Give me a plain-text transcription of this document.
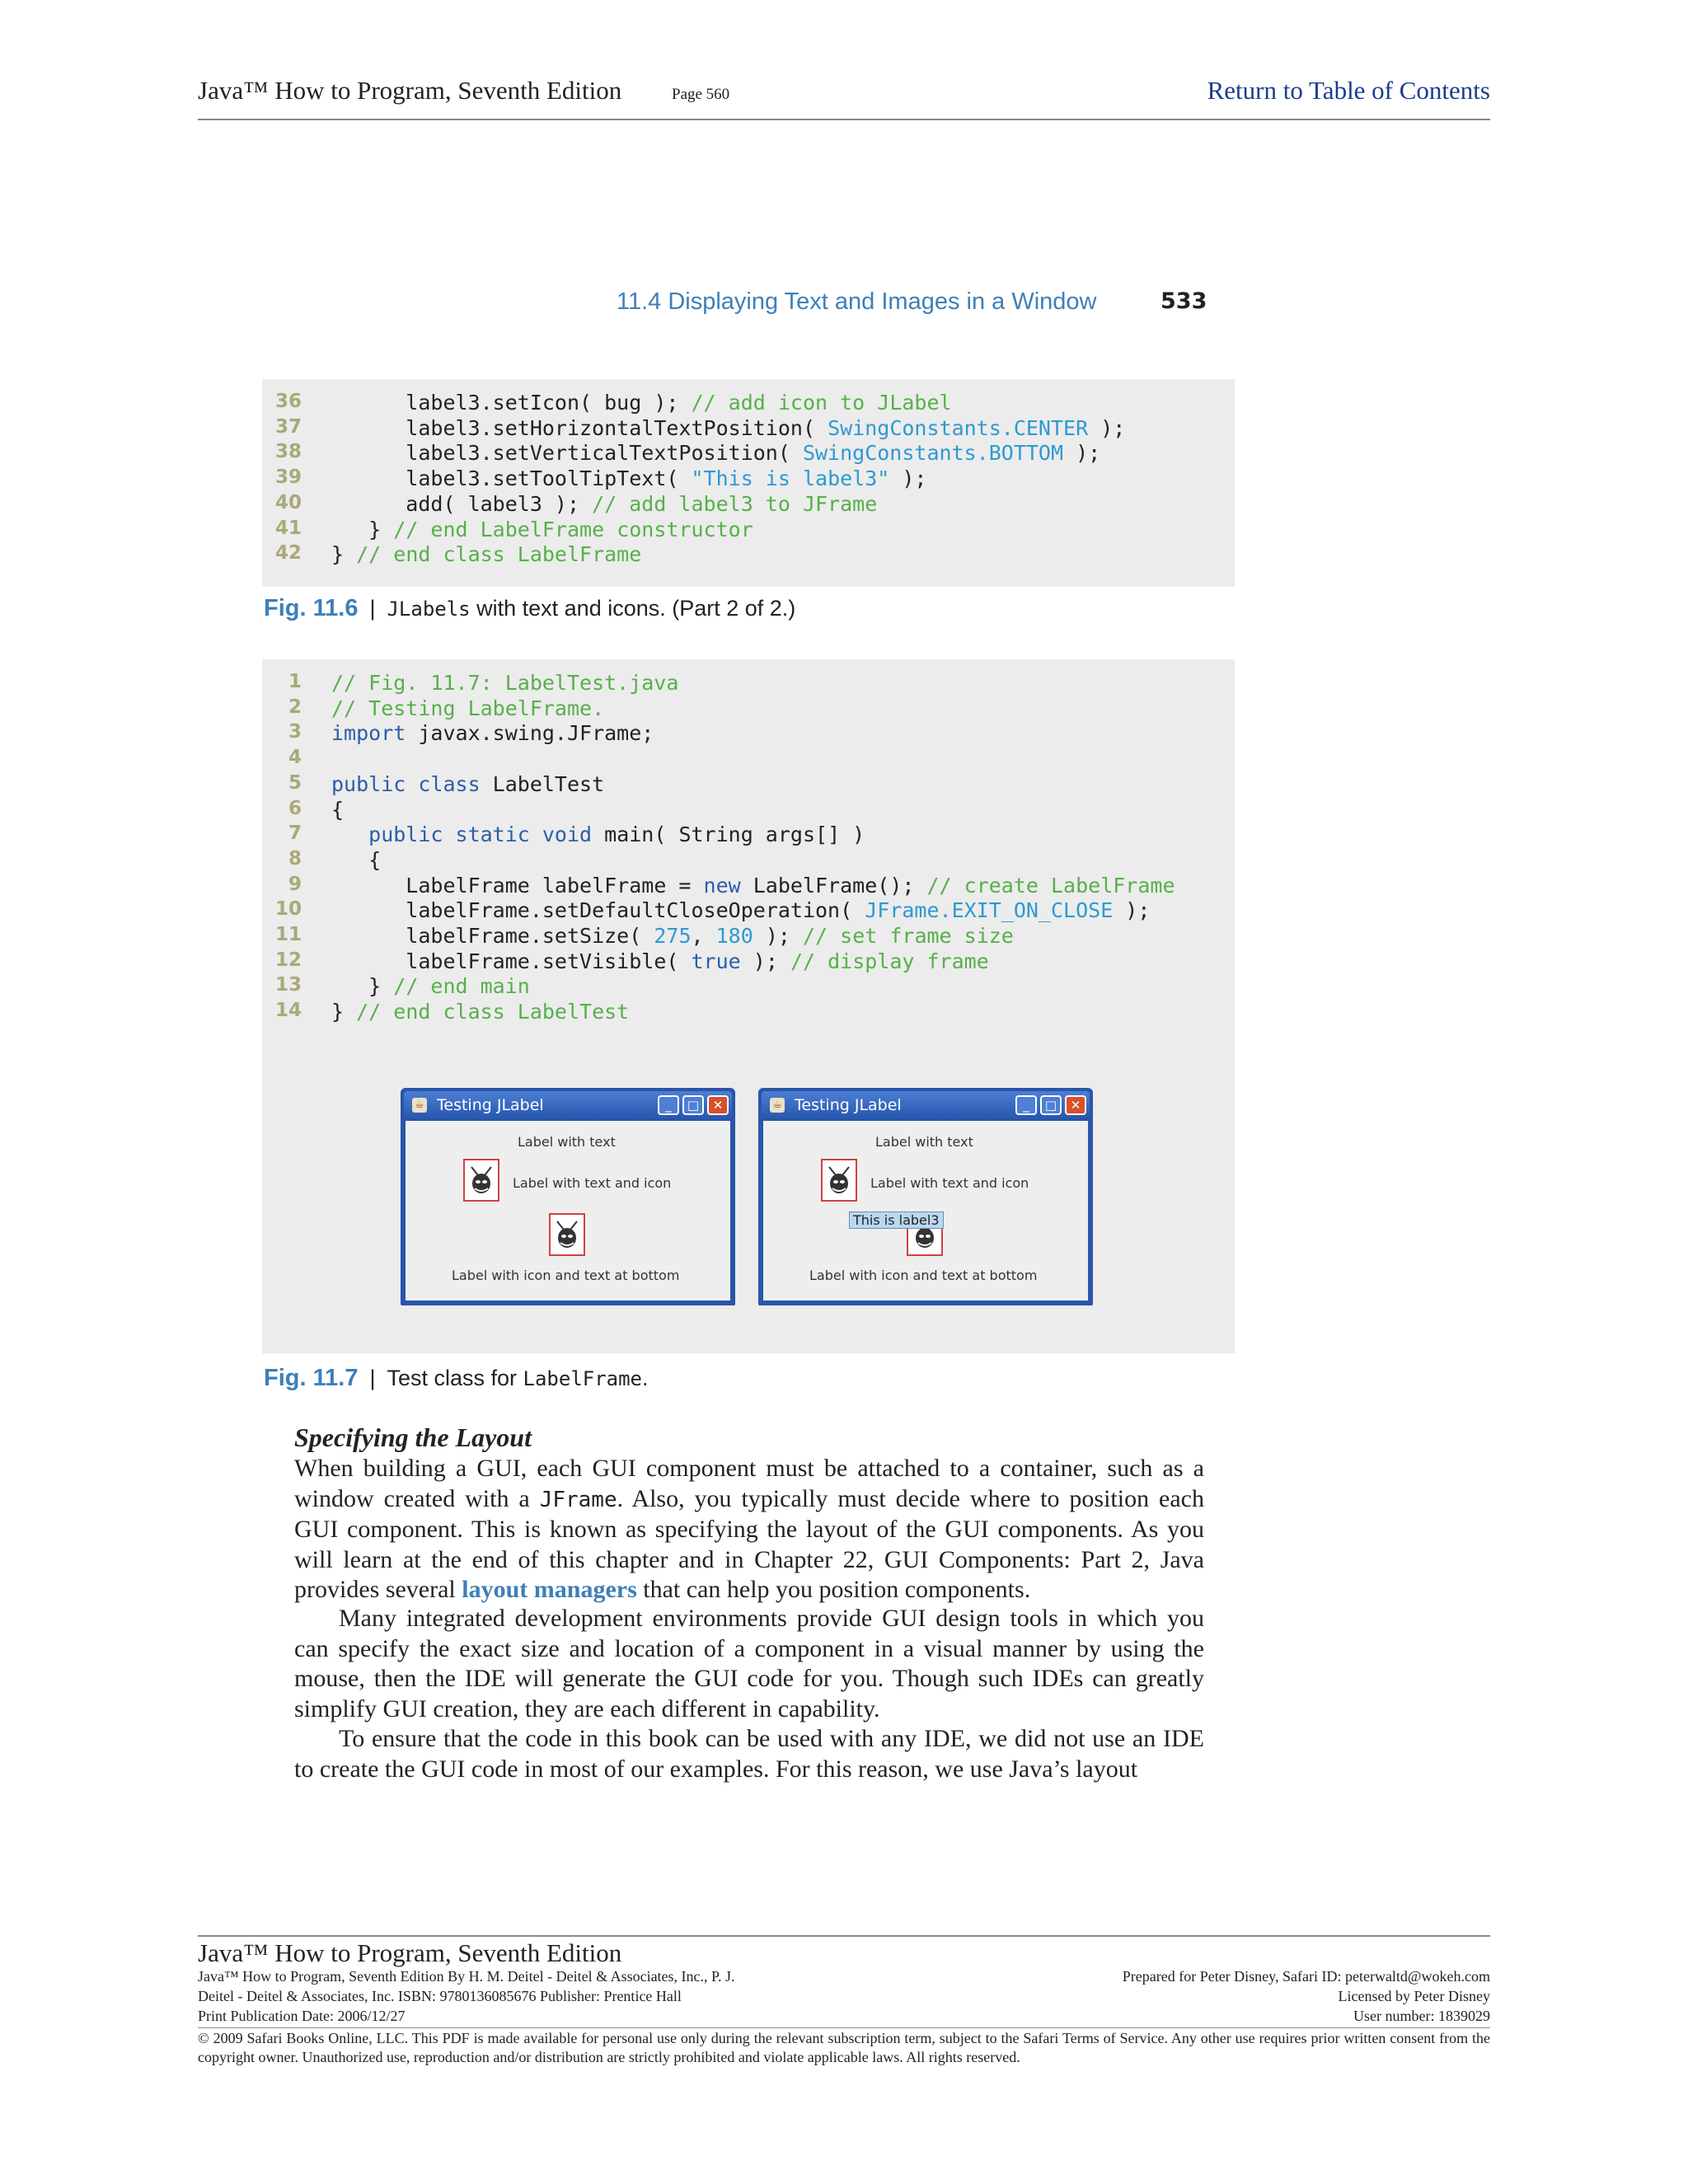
Java™ How to Program, Seventh Edition	Page 560	Return to Table of Contents
11.4 Displaying Text and Images in a Window	533
36 label3.setIcon( bug ); // add icon to JLabel
37 label3.setHorizontalTextPosition( SwingConstants.CENTER );
38 label3.setVerticalTextPosition( SwingConstants.BOTTOM );
39 label3.setToolTipText( "This is label3" );
40 add( label3 ); // add label3 to JFrame
41 } // end LabelFrame constructor
42 } // end class LabelFrame
Fig. 11.6 | JLabels with text and icons. (Part 2 of 2.)
1 // Fig. 11.7: LabelTest.java
2 // Testing LabelFrame.
3 import javax.swing.JFrame;
4
5 public class LabelTest
6 {
7	public static void main( String args[] )
8 {
9 LabelFrame labelFrame = new LabelFrame(); // create LabelFrame
10 labelFrame.setDefaultCloseOperation( JFrame.EXIT_ON_CLOSE );
11 labelFrame.setSize( 275, 180 ); // set frame size
12 labelFrame.setVisible( true ); // display frame
13 } // end main
14 } // end class LabelTest
☕ Testing JLabel	_	□	✕
Label with text
Label with text and icon
Label with icon and text at bottom
☕ Testing JLabel	_	□	✕
Label with text
Label with text and icon
This is label3
Label with icon and text at bottom
Fig. 11.7 | Test class for LabelFrame.
Specifying the Layout
When building a GUI, each GUI component must be attached to a container, such as a window created with a JFrame. Also, you typically must decide where to position each GUI component. This is known as specifying the layout of the GUI components. As you will learn at the end of this chapter and in Chapter 22, GUI Components: Part 2, Java provides several layout managers that can help you position components.
Many integrated development environments provide GUI design tools in which you can specify the exact size and location of a component in a visual manner by using the mouse, then the IDE will generate the GUI code for you. Though such IDEs can greatly simplify GUI creation, they are each different in capability.
To ensure that the code in this book can be used with any IDE, we did not use an IDE to create the GUI code in most of our examples. For this reason, we use Java’s layout
Java™ How to Program, Seventh Edition
Java™ How to Program, Seventh Edition By H. M. Deitel - Deitel & Associates, Inc., P. J.
Deitel - Deitel & Associates, Inc. ISBN: 9780136085676 Publisher: Prentice Hall
Print Publication Date: 2006/12/27
Prepared for Peter Disney, Safari ID: peterwaltd@wokeh.com
Licensed by Peter Disney
User number: 1839029
© 2009 Safari Books Online, LLC. This PDF is made available for personal use only during the relevant subscription term, subject to the Safari Terms of Service. Any other use requires prior written consent from the copyright owner. Unauthorized use, reproduction and/or distribution are strictly prohibited and violate applicable laws. All rights reserved.
